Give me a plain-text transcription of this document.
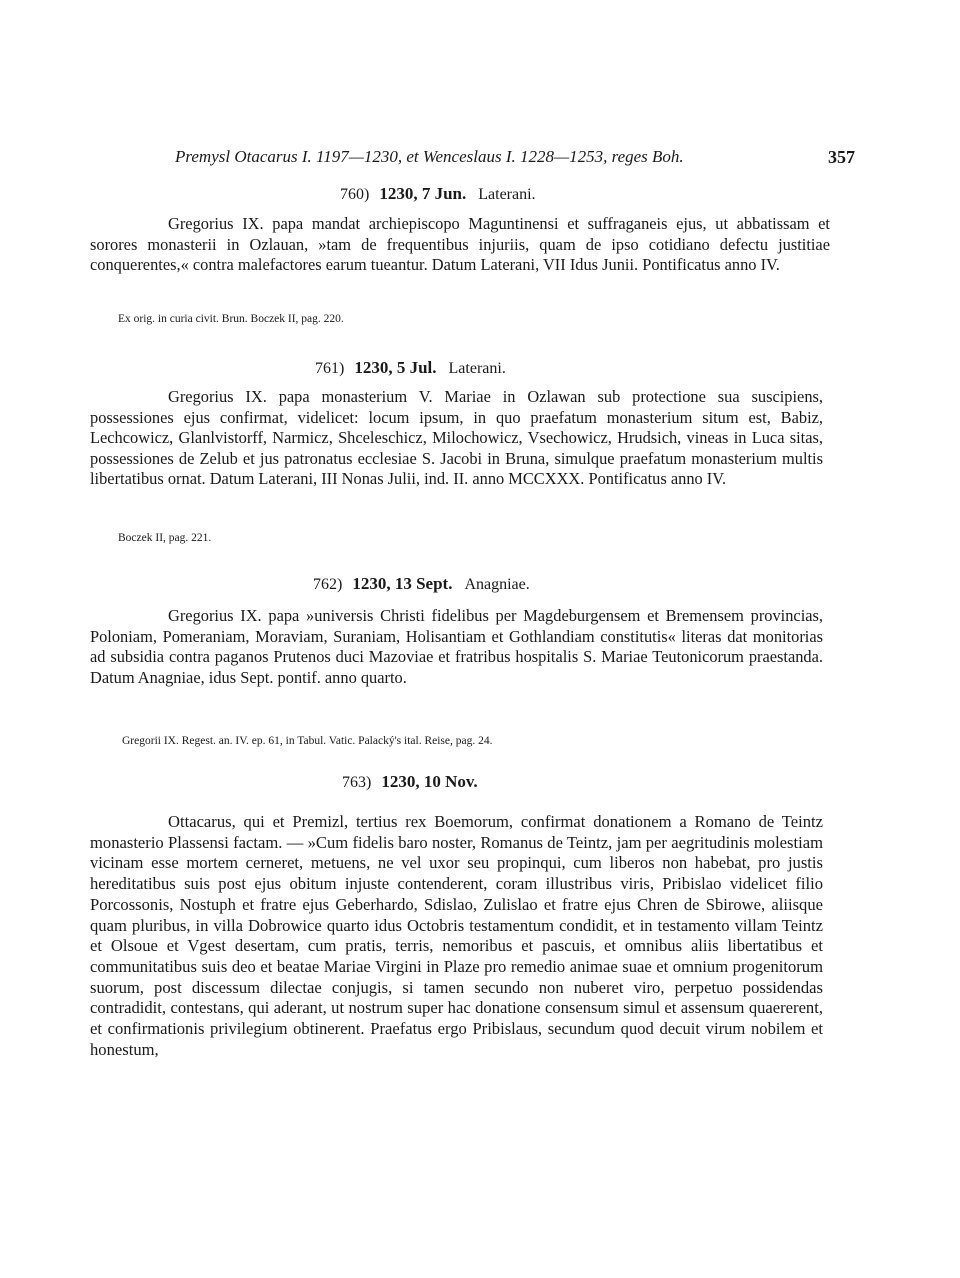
Premysl Otacarus I. 1197—1230, et Wenceslaus I. 1228—1253, reges Boh.	357
760) 1230, 7 Jun. Laterani.

Gregorius IX. papa mandat archiepiscopo Maguntinensi et suffraganeis ejus, ut abbatissam et sorores monasterii in Ozlauan, »tam de frequentibus injuriis, quam de ipso cotidiano defectu justitiae conquerentes,« contra malefactores earum tueantur. Datum Laterani, VII Idus Junii. Pontificatus anno IV.

Ex orig. in curia civit. Brun. Boczek II, pag. 220.
761) 1230, 5 Jul. Laterani.

Gregorius IX. papa monasterium V. Mariae in Ozlawan sub protectione sua suscipiens, possessiones ejus confirmat, videlicet: locum ipsum, in quo praefatum monasterium situm est, Babiz, Lechcowicz, Glanlvistorff, Narmicz, Shceleschicz, Milochowicz, Vsechowicz, Hrudsich, vineas in Luca sitas, possessiones de Zelub et jus patronatus ecclesiae S. Jacobi in Bruna, simulque praefatum monasterium multis libertatibus ornat. Datum Laterani, III Nonas Julii, ind. II. anno MCCXXX. Pontificatus anno IV.

Boczek II, pag. 221.
762) 1230, 13 Sept. Anagniae.

Gregorius IX. papa »universis Christi fidelibus per Magdeburgensem et Bremensem provincias, Poloniam, Pomeraniam, Moraviam, Suraniam, Holisantiam et Gothlandiam constitutis« literas dat monitorias ad subsidia contra paganos Prutenos duci Mazoviae et fratribus hospitalis S. Mariae Teutonicorum praestanda. Datum Anagniae, idus Sept. pontif. anno quarto.

Gregorii IX. Regest. an. IV. ep. 61, in Tabul. Vatic. Palacký's ital. Reise, pag. 24.
763) 1230, 10 Nov.

Ottacarus, qui et Premizl, tertius rex Boemorum, confirmat donationem a Romano de Teintz monasterio Plassensi factam. — »Cum fidelis baro noster, Romanus de Teintz, jam per aegritudinis molestiam vicinam esse mortem cerneret, metuens, ne vel uxor seu propinqui, cum liberos non habebat, pro justis hereditatibus suis post ejus obitum injuste contenderent, coram illustribus viris, Pribislao videlicet filio Porcossonis, Nostuph et fratre ejus Geberhardo, Sdislao, Zulislao et fratre ejus Chren de Sbirowe, aliisque quam pluribus, in villa Dobrowice quarto idus Octobris testamentum condidit, et in testamento villam Teintz et Olsoue et Vgest desertam, cum pratis, terris, nemoribus et pascuis, et omnibus aliis libertatibus et communitatibus suis deo et beatae Mariae Virgini in Plaze pro remedio animae suae et omnium progenitorum suorum, post discessum dilectae conjugis, si tamen secundo non nuberet viro, perpetuo possidendas contradidit, contestans, qui aderant, ut nostrum super hac donatione consensum simul et assensum quaererent, et confirmationis privilegium obtinerent. Praefatus ergo Pribislaus, secundum quod decuit virum nobilem et honestum,
